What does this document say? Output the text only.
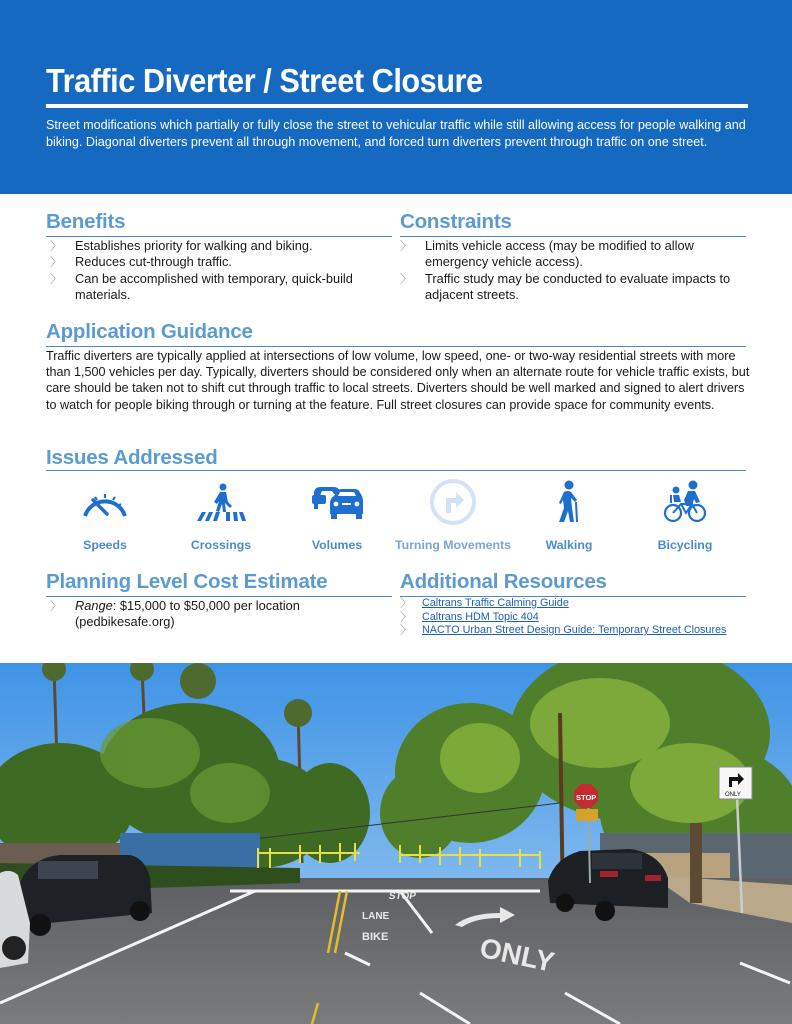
Traffic Diverter / Street Closure

Street modifications which partially or fully close the street to vehicular traffic while still allowing access for people walking and biking. Diagonal diverters prevent all through movement, and forced turn diverters prevent through traffic on one street.

Benefits
〉 Establishes priority for walking and biking.
〉 Reduces cut-through traffic.
〉 Can be accomplished with temporary, quick-build materials.
Constraints
〉 Limits vehicle access (may be modified to allow emergency vehicle access).
〉 Traffic study may be conducted to evaluate impacts to adjacent streets.
Application Guidance

Traffic diverters are typically applied at intersections of low volume, low speed, one- or two-way residential streets with more than 1,500 vehicles per day. Typically, diverters should be considered only when an alternate route for vehicle traffic exists, but care should be taken not to shift cut through traffic to local streets. Diverters should be well marked and signed to alert drivers to watch for people biking through or turning at the feature. Full street closures can provide space for community events.

Issues Addressed
Speeds	Crossings	Volumes	Turning Movements	Walking	Bicycling
Planning Level Cost Estimate
〉 Range: $15,000 to $50,000 per location (pedbikesafe.org)
Additional Resources
〉 Caltrans Traffic Calming Guide
〉 Caltrans HDM Topic 404
〉 NACTO Urban Street Design Guide: Temporary Street Closures
LANE
BIKE
STOP
ONLY
STOP	ONLY
